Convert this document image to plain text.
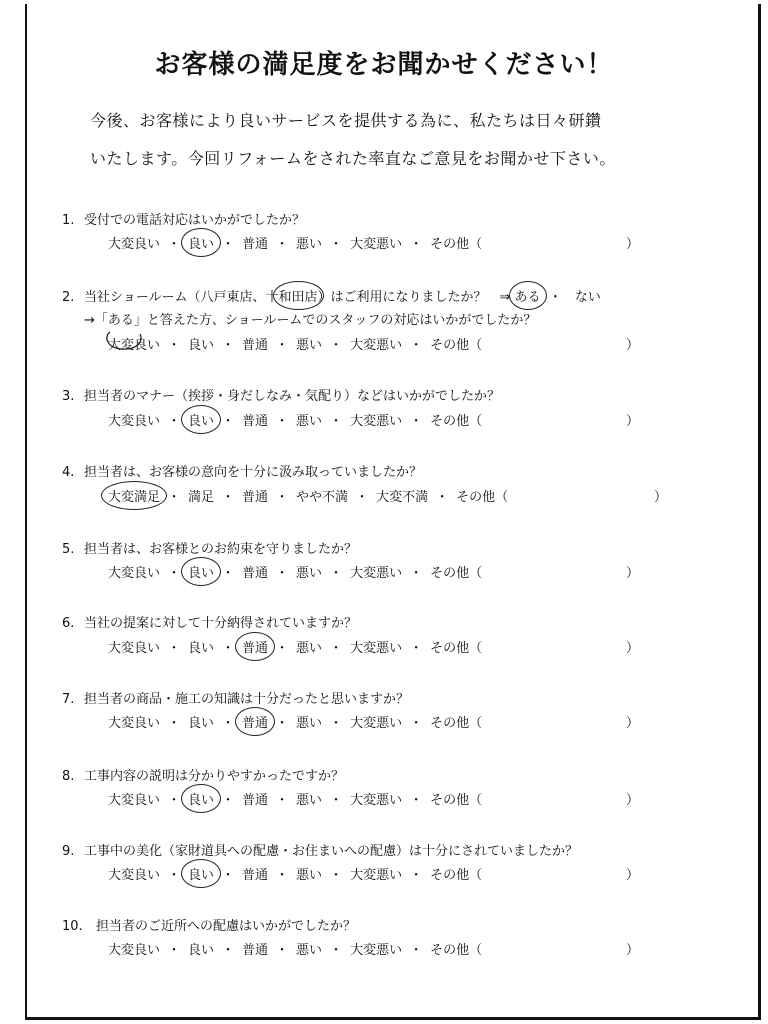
お客様の満足度をお聞かせください！
今後、お客様により良いサービスを提供する為に、私たちは日々研鑽
いたします。今回リフォームをされた率直なご意見をお聞かせ下さい。
1. 受付での電話対応はいかがでしたか？
大変良い ・ 良い ・ 普通 ・ 悪い ・ 大変悪い ・ その他（	）
2. 当社ショールーム（八戸東店、十和田店）はご利用になりましたか？　⇒ ある ・　ない
→「ある」と答えた方、ショールームでのスタッフの対応はいかがでしたか？
大変良い ・ 良い ・ 普通 ・ 悪い ・ 大変悪い ・ その他（	）
3. 担当者のマナー（挨拶・身だしなみ・気配り）などはいかがでしたか？
大変良い ・ 良い ・ 普通 ・ 悪い ・ 大変悪い ・ その他（	）
4. 担当者は、お客様の意向を十分に汲み取っていましたか？
大変満足 ・ 満足 ・ 普通 ・ やや不満 ・ 大変不満 ・ その他（	）
5. 担当者は、お客様とのお約束を守りましたか？
大変良い ・ 良い ・ 普通 ・ 悪い ・ 大変悪い ・ その他（	）
6. 当社の提案に対して十分納得されていますか？
大変良い ・ 良い ・ 普通 ・ 悪い ・ 大変悪い ・ その他（	）
7. 担当者の商品・施工の知識は十分だったと思いますか？
大変良い ・ 良い ・ 普通 ・ 悪い ・ 大変悪い ・ その他（	）
8. 工事内容の説明は分かりやすかったですか？
大変良い ・ 良い ・ 普通 ・ 悪い ・ 大変悪い ・ その他（	）
9. 工事中の美化（家財道具への配慮・お住まいへの配慮）は十分にされていましたか？
大変良い ・ 良い ・ 普通 ・ 悪い ・ 大変悪い ・ その他（	）
10. 担当者のご近所への配慮はいかがでしたか？
大変良い ・ 良い ・ 普通 ・ 悪い ・ 大変悪い ・ その他（	）
